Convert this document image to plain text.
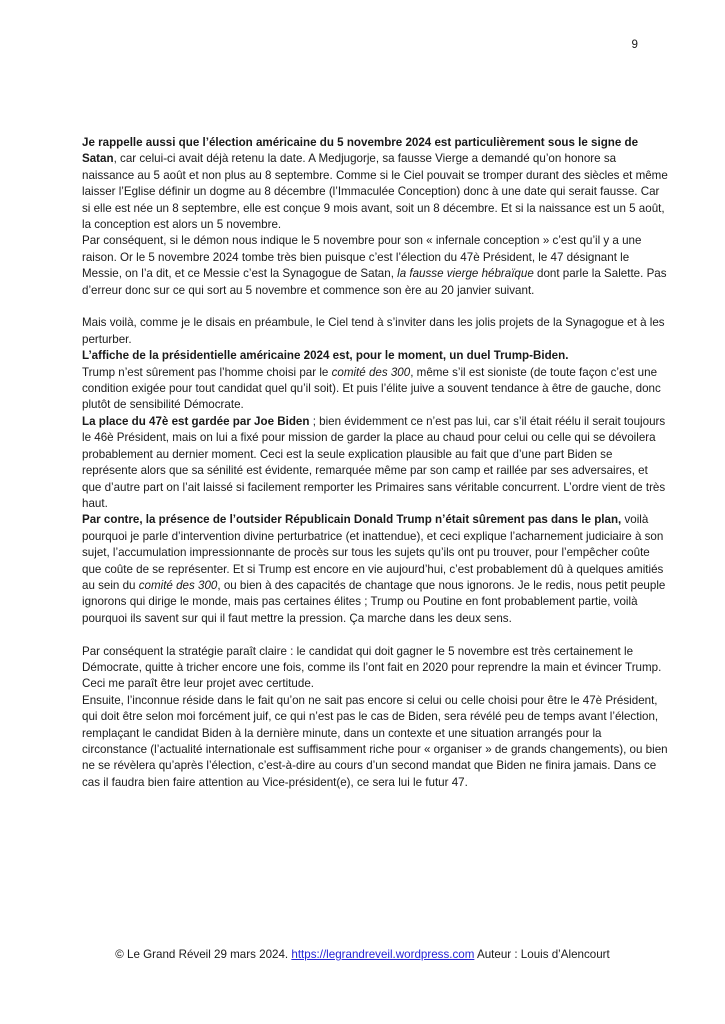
9

Je rappelle aussi que l’élection américaine du 5 novembre 2024 est particulièrement sous le signe de Satan, car celui-ci avait déjà retenu la date. A Medjugorje, sa fausse Vierge a demandé qu’on honore sa naissance au 5 août et non plus au 8 septembre. Comme si le Ciel pouvait se tromper durant des siècles et même laisser l’Eglise définir un dogme au 8 décembre (l’Immaculée Conception) donc à une date qui serait fausse. Car si elle est née un 8 septembre, elle est conçue 9 mois avant, soit un 8 décembre. Et si la naissance est un 5 août, la conception est alors un 5 novembre.

Par conséquent, si le démon nous indique le 5 novembre pour son « infernale conception » c’est qu’il y a une raison. Or le 5 novembre 2024 tombe très bien puisque c’est l’élection du 47è Président, le 47 désignant le Messie, on l’a dit, et ce Messie c’est la Synagogue de Satan, la fausse vierge hébraïque dont parle la Salette. Pas d’erreur donc sur ce qui sort au 5 novembre et commence son ère au 20 janvier suivant.

Mais voilà, comme je le disais en préambule, le Ciel tend à s’inviter dans les jolis projets de la Synagogue et à les perturber.

L’affiche de la présidentielle américaine 2024 est, pour le moment, un duel Trump-Biden.

Trump n’est sûrement pas l’homme choisi par le comité des 300, même s’il est sioniste (de toute façon c’est une condition exigée pour tout candidat quel qu’il soit). Et puis l’élite juive a souvent tendance à être de gauche, donc plutôt de sensibilité Démocrate.

La place du 47è est gardée par Joe Biden ; bien évidemment ce n’est pas lui, car s’il était réélu il serait toujours le 46è Président, mais on lui a fixé pour mission de garder la place au chaud pour celui ou celle qui se dévoilera probablement au dernier moment. Ceci est la seule explication plausible au fait que d’une part Biden se représente alors que sa sénilité est évidente, remarquée même par son camp et raillée par ses adversaires, et que d’autre part on l’ait laissé si facilement remporter les Primaires sans véritable concurrent. L’ordre vient de très haut.

Par contre, la présence de l’outsider Républicain Donald Trump n’était sûrement pas dans le plan, voilà pourquoi je parle d’intervention divine perturbatrice (et inattendue), et ceci explique l’acharnement judiciaire à son sujet, l’accumulation impressionnante de procès sur tous les sujets qu’ils ont pu trouver, pour l’empêcher coûte que coûte de se représenter. Et si Trump est encore en vie aujourd’hui, c’est probablement dû à quelques amitiés au sein du comité des 300, ou bien à des capacités de chantage que nous ignorons. Je le redis, nous petit peuple ignorons qui dirige le monde, mais pas certaines élites ; Trump ou Poutine en font probablement partie, voilà pourquoi ils savent sur qui il faut mettre la pression. Ça marche dans les deux sens.

Par conséquent la stratégie paraît claire : le candidat qui doit gagner le 5 novembre est très certainement le Démocrate, quitte à tricher encore une fois, comme ils l’ont fait en 2020 pour reprendre la main et évincer Trump. Ceci me paraît être leur projet avec certitude.

Ensuite, l’inconnue réside dans le fait qu’on ne sait pas encore si celui ou celle choisi pour être le 47è Président, qui doit être selon moi forcément juif, ce qui n’est pas le cas de Biden, sera révélé peu de temps avant l’élection, remplaçant le candidat Biden à la dernière minute, dans un contexte et une situation arrangés pour la circonstance (l’actualité internationale est suffisamment riche pour « organiser » de grands changements), ou bien ne se révèlera qu’après l’élection, c’est-à-dire au cours d’un second mandat que Biden ne finira jamais. Dans ce cas il faudra bien faire attention au Vice-président(e), ce sera lui le futur 47.

© Le Grand Réveil 29 mars 2024. https://legrandreveil.wordpress.com Auteur : Louis d’Alencourt
